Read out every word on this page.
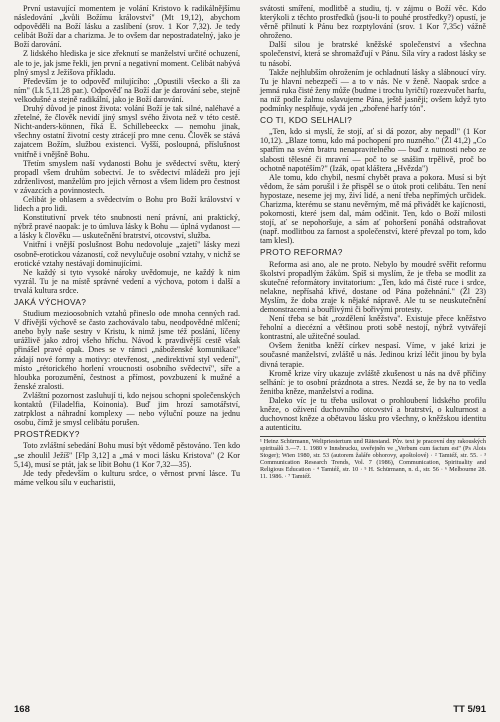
První ustavující momentem je volání Kristovo k radikálnějšímu následování „kvůli Božímu království" (Mt 19,12), abychom odpověděli na Boží lásku a zaslíbení (srov. 1 Kor 7,32). Je tedy celibát Boží dar a charizma. Je to ovšem dar nepostradatelný, jako je Boží darování.

Z lidského hlediska je sice zřeknutí se manželství určité ochuzení, ale to je, jak jsme řekli, jen první a negativní moment. Celibát nabývá plný smysl z Ježíšova příkladu.

Především je to odpověď milujícího: „Opustili všecko a šli za ním" (Lk 5,11.28 par.). Odpověď na Boží dar je darování sebe, stejně velkodušné a stejně radikální, jako je Boží darování.

Druhý důvod je pinost života: volání Boží je tak silné, naléhavé a zřetelné, že člověk nevidí jiný smysl svého života než v této cestě. Nicht-anders-können, říká E. Schillebeeckx — nemohu jinak, všechny ostatní životní cesty ztrácejí pro mne cenu. Člověk se stává zajatcem Božím, službou existenci. Vyšší, posloupná, příslušnost vnitřně i vnějšně Bohu.

Třetím smyslem naší vydanosti Bohu je svědectví světu, který propadl všem druhům sobectví. Je to svědectví mládeži pro její zdrženlivost, manželům pro jejich věrnost a všem lidem pro čestnost v závazcích a povinnostech.

Celibát je ohlasem a svědectvím o Bohu pro Boží království v lidech a pro lidi.

Konstitutivní prvek této snubnosti není právní, ani praktický, nýbrž pravé naopak: je to úmluva lásky k Bohu — úplná vydanost — a lásky k člověku — uskutečnění bratrství, otcovství, služba.

Vnitřní i vnější poslušnost Bohu nedovoluje „zajetí" lásky mezi osobně-erotickou vázaností, což nevylučuje osobní vztahy, v nichž se erotické vztahy nestávají dominujícími.

Ne každý si tyto vysoké nároky uvědomuje, ne každý k nim vyzrál. Tu je na místě správné vedení a výchova, potom i další a trvalá kultura srdce.

JAKÁ VÝCHOVA?

Studium mezioosobních vztahů přineslo ode mnoha cenných rad. V dřívější výchově se často zachovávalo tabu, neodpovědné mlčení; anebo byly naše sestry v Kristu, k nimž jsme též poslání, líčeny urážlivě jako zdroj všeho hříchu. Návod k pravdivější cestě však přinášel pravé opak. Dnes se v rámci „náboženské komunikace" zádají nové formy a motivy: otevřenost, „nedirektivní styl vedení", místo „rétorického horlení vroucnosti osobního svědectví", síře a hloubka porozumění, čestnost a přímost, povzbuzení k mužné a ženské zralosti.

Zvláštní pozornost zasluhují ti, kdo nejsou schopni společenských kontaktů (Filadelfia, Koinonia). Buď jim hrozí samotářství, zatrpklost a náhradní komplexy — nebo výluční pouze na jednu osobu, čímž je smysl celibátu porušen.

PROSTŘEDKY?

Toto zvláštní sebedání Bohu musí být vědomě pěstováno. Ten kdo „se zhoulil Ježíš" [Flp 3,12] a „má v moci lásku Kristova" (2 Kor 5,14), musí se ptát, jak se líbit Bohu (1 Kor 7,32—35).

Jde tedy především o kulturu srdce, o věrnost první lásce. Tu máme velkou sílu v eucharistii,

svátosti smíření, modlitbě a studiu, tj. v zájmu o Boží věc. Kdo kterýkoli z těchto prostředků (jsou-li to pouhé prostředky?) opustí, je věrně přilnutí k Pánu bez rozptylování (srov. 1 Kor 7,35c) vážně ohroženo.

Další silou je bratrské kněžské společenství a všechna společenství, která se shromažďují v Pánu. Síla víry a radost lásky se tu násobí.

Takže nejhlubším ohrožením je ochladnutí lásky a slábnoucí víry. Tu je hlavní nebezpečí — a to v nás. Ne v ženě. Naopak srdce a jemná ruka čisté ženy může (budme i trochu lyričtí) rozezvučet harfu, na níž podle žalmu oslavujeme Pána, ještě jasněji; ovšem když tyto podmínky nesplňuje, vydá jen „zbořené harfy tón".

CO TI, KDO SELHALI?

„Ten, kdo si myslí, že stojí, ať si dá pozor, aby nepadl" (1 Kor 10,12). „Blaze tomu, kdo má pochopení pro nuzného." (Žl 41,2) „Co spatřím na svém bratru nenapravitelného — buď z nutnosti nebo ze slabosti tělesné či mravní — poč to se snášim trpělivě, proč bo ochotně napotéším?" (Izák, opat kláštera „Hvězda")

Ale tomu, kdo chybil, nesmí chybět prava a pokora. Musí si být vědom, že sám porušil i že přispěl se o útok proti celibátu. Ten není hypostaze, neseme jej my, živí lidé, a není třeba nepřímých určidek. Charizma, kterému se stanu nevěrným, mě má přivádět ke kajícnosti, pokornosti, které jsem dal, mám odčinit. Ten, kdo o Boží milosti stojí, ať se nepohoršuje, a sám ať pohoršení ponáhá odstraňovat (např. modlitbou za farnost a společenství, které převzal po tom, kdo tam klesl).

PROTO REFORMA?

Reforma asi ano, ale ne proto. Nebylo by moudré svěřit reformu školství propadlým žákům. Spíš si myslím, že je třeba se modlit za skutečné reformátory invitatorium: „Ten, kdo má čisté ruce i srdce, nelakne, nepřísahá křivé, dostane od Pána požehnání." (Žl 23) Myslím, že doba zraje k nějaké nápravě. Ale tu se neuskutečnění demonstracemi a bouřlivými či bořivými protesty.

Není třeba se bát „rozdělení kněžstva". Existuje přece kněžstvo řeholní a diecézní a většinou proti sobě nestojí, nýbrž vytvářejí kontrastní, ale užitečné soulad.

Ovšem ženitba kněží církev nespasí. Víme, v jaké krizi je současné manželství, zvláště u nás. Jedinou krizí léčit jinou by byla divná terapie.

Kromě krize víry ukazuje zvláště zkušenost u nás na dvě příčiny selhání: je to osobní prázdnota a stres. Nezdá se, že by na to vedla ženitba kněze, manželství a rodina.

Daleko víc je tu třeba usilovat o prohloubení lidského profilu kněze, o oživení duchovního otcovství a bratrství, o kulturnost a duchovnost kněze a obětavou lásku pro všechny, o kněžskou identitu a autenticitu.

¹ Heinz Schürmann, Weltpriestertum und Rätestand. Pův. text je pracovní dny rakouských spirituálů 3.—7. 1. 1980 v Innsbrucku, uveřejněn ve „Verbum cum factum est" (Ps Alois Stoger); Wien 1980, str. 53 (autorem žaláře obhorovy, apoštolové) · ² Tamtéž, str. 55. · ³ Communication Research Trends, Vol. 7 (1986), Communication, Spirituality and Religious Education · ⁴ Tamtéž, str. 10 · ⁵ H. Schürmann, n. d., str. 56 · ⁶ Melbourne 28. 11. 1986. · ⁷ Tamtéž.
168	TT 5/91
